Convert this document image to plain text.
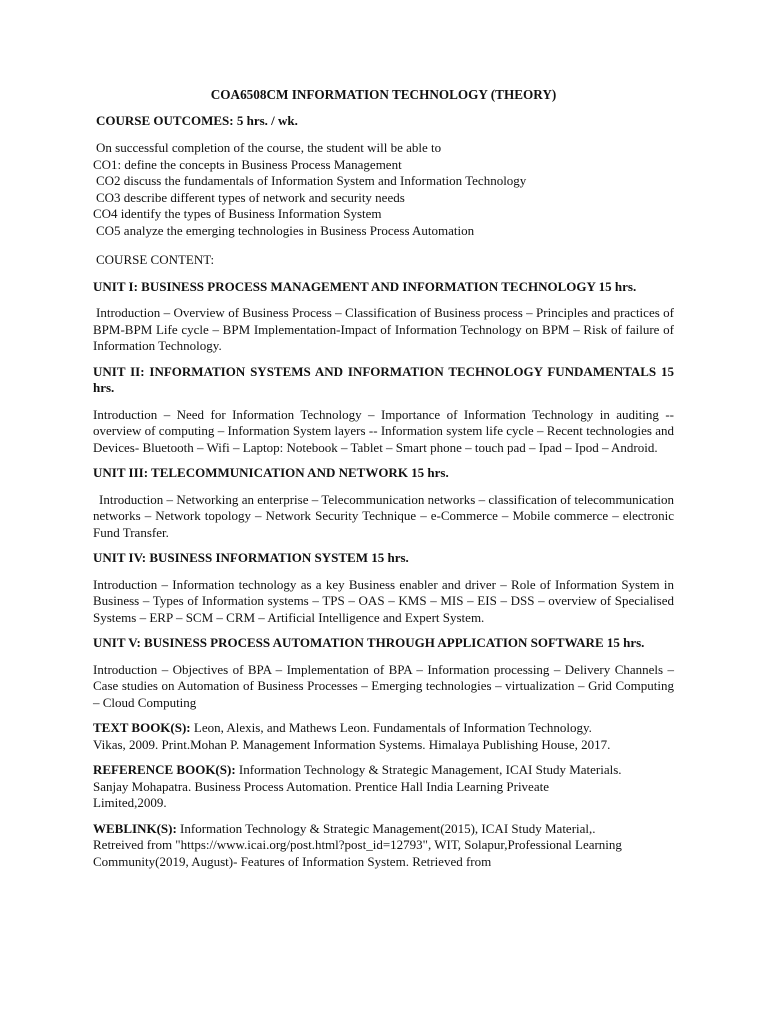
COA6508CM INFORMATION TECHNOLOGY (THEORY)

COURSE OUTCOMES: 5 hrs. / wk.

On successful completion of the course, the student will be able to

CO1: define the concepts in Business Process Management

CO2 discuss the fundamentals of Information System and Information Technology

CO3 describe different types of network and security needs

CO4 identify the types of Business Information System

CO5 analyze the emerging technologies in Business Process Automation

COURSE CONTENT:

UNIT I: BUSINESS PROCESS MANAGEMENT AND INFORMATION TECHNOLOGY 15 hrs.

Introduction – Overview of Business Process – Classification of Business process – Principles and practices of BPM-BPM Life cycle – BPM Implementation-Impact of Information Technology on BPM – Risk of failure of Information Technology.

UNIT II: INFORMATION SYSTEMS AND INFORMATION TECHNOLOGY FUNDAMENTALS 15 hrs.

Introduction – Need for Information Technology – Importance of Information Technology in auditing -- overview of computing – Information System layers -- Information system life cycle – Recent technologies and Devices- Bluetooth – Wifi – Laptop: Notebook – Tablet – Smart phone – touch pad – Ipad – Ipod – Android.

UNIT III: TELECOMMUNICATION AND NETWORK 15 hrs.

Introduction – Networking an enterprise – Telecommunication networks – classification of telecommunication networks – Network topology – Network Security Technique – e-Commerce – Mobile commerce – electronic Fund Transfer.

UNIT IV: BUSINESS INFORMATION SYSTEM 15 hrs.

Introduction – Information technology as a key Business enabler and driver – Role of Information System in Business – Types of Information systems – TPS – OAS – KMS – MIS – EIS – DSS – overview of Specialised Systems – ERP – SCM – CRM – Artificial Intelligence and Expert System.

UNIT V: BUSINESS PROCESS AUTOMATION THROUGH APPLICATION SOFTWARE 15 hrs.

Introduction – Objectives of BPA – Implementation of BPA – Information processing – Delivery Channels – Case studies on Automation of Business Processes – Emerging technologies – virtualization – Grid Computing – Cloud Computing

TEXT BOOK(S): Leon, Alexis, and Mathews Leon. Fundamentals of Information Technology.
Vikas, 2009. Print.Mohan P. Management Information Systems. Himalaya Publishing House, 2017.
REFERENCE BOOK(S): Information Technology & Strategic Management, ICAI Study Materials.
Sanjay Mohapatra. Business Process Automation. Prentice Hall India Learning Priveate
Limited,2009.
WEBLINK(S): Information Technology & Strategic Management(2015), ICAI Study Material,.
Retreived from "https://www.icai.org/post.html?post_id=12793", WIT, Solapur,Professional Learning
Community(2019, August)- Features of Information System. Retrieved from
